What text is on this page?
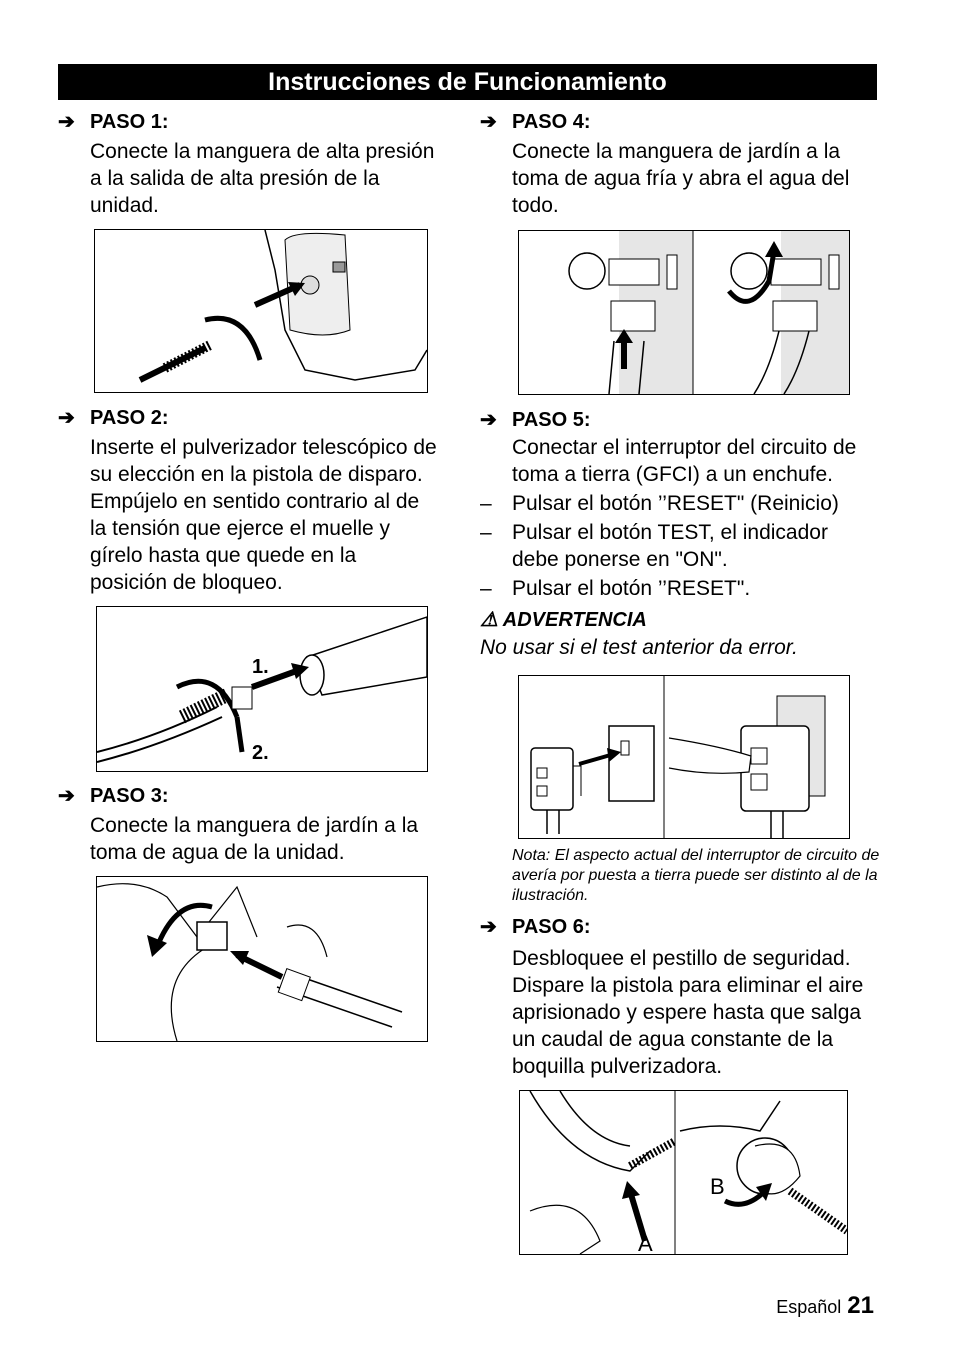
Instrucciones de Funcionamiento
➔ PASO 1:
Conecte la manguera de alta presión a la salida de alta presión de la unidad.
➔ PASO 2:
Inserte el pulverizador telescópico de su elección en la pistola de disparo. Empújelo en sentido contrario al de la tensión que ejerce el muelle y gírelo hasta que quede en la posición de bloqueo.
1.
2.
➔ PASO 3:
Conecte la manguera de jardín a la toma de agua de la unidad.
➔ PASO 4:
Conecte la manguera de jardín a la toma de agua fría y abra el agua del todo.
➔ PASO 5:
Conectar el interruptor del circuito de toma a tierra (GFCI) a un enchufe.
– Pulsar el botón ’’RESET" (Reinicio)
– Pulsar el botón TEST, el indicador debe ponerse en "ON".
– Pulsar el botón ’’RESET".
⚠ ADVERTENCIA
No usar si el test anterior da error.
Nota: El aspecto actual del interruptor de circuito de avería por puesta a tierra puede ser distinto al de la ilustración.
➔ PASO 6:
Desbloquee el pestillo de seguridad. Dispare la pistola para eliminar el aire aprisionado y espere hasta que salga un caudal de agua constante de la boquilla pulverizadora.
A
B
Español 21
